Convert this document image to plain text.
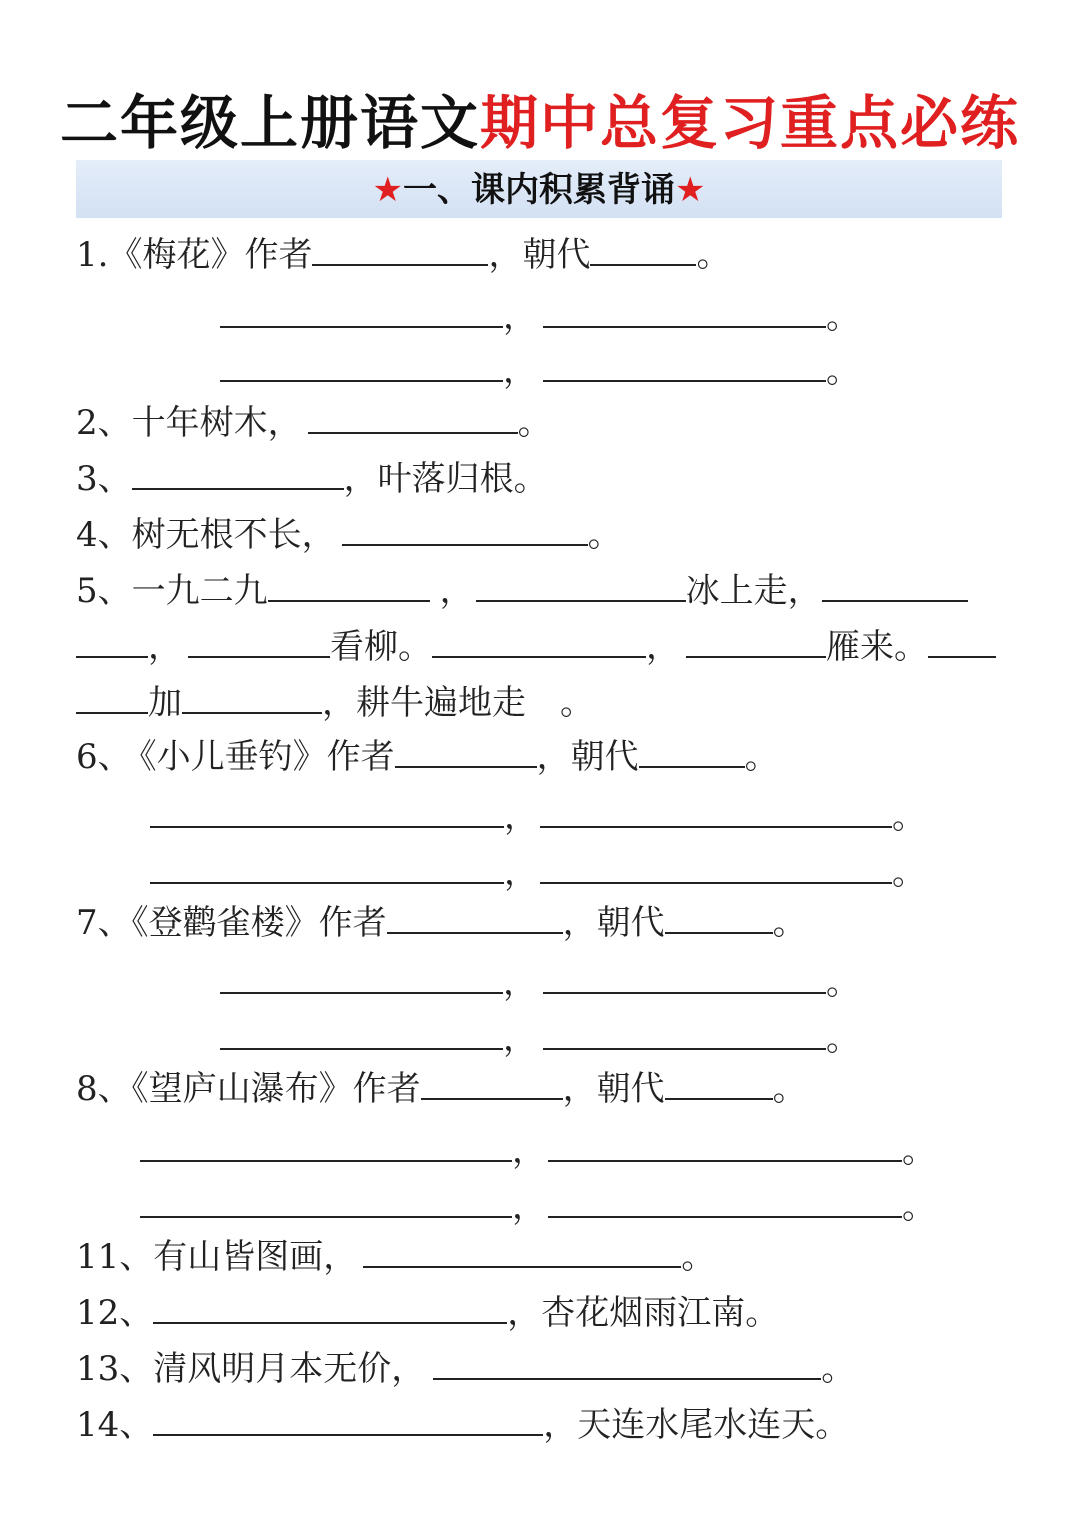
二年级上册语文期中总复习重点必练
★一、课内积累背诵★
1.《梅花》作者	，朝代	。
，	。
，	。
2、十年树木，	。
3、	，叶落归根。
4、树无根不长，	。
5、一九二九	，	冰上走，
，	看柳。	，	雁来。
加	，耕牛遍地走 。
6、 《小儿垂钓》作者	，朝代	。
，	。
，	。
7、《登鹳雀楼》作者	，朝代	。
，	。
，	。
8、《望庐山瀑布》作者	，朝代	。
，	。
，	。
11、有山皆图画，	。
12、	，杏花烟雨江南。
13、清风明月本无价，	。
14、	，天连水尾水连天。
